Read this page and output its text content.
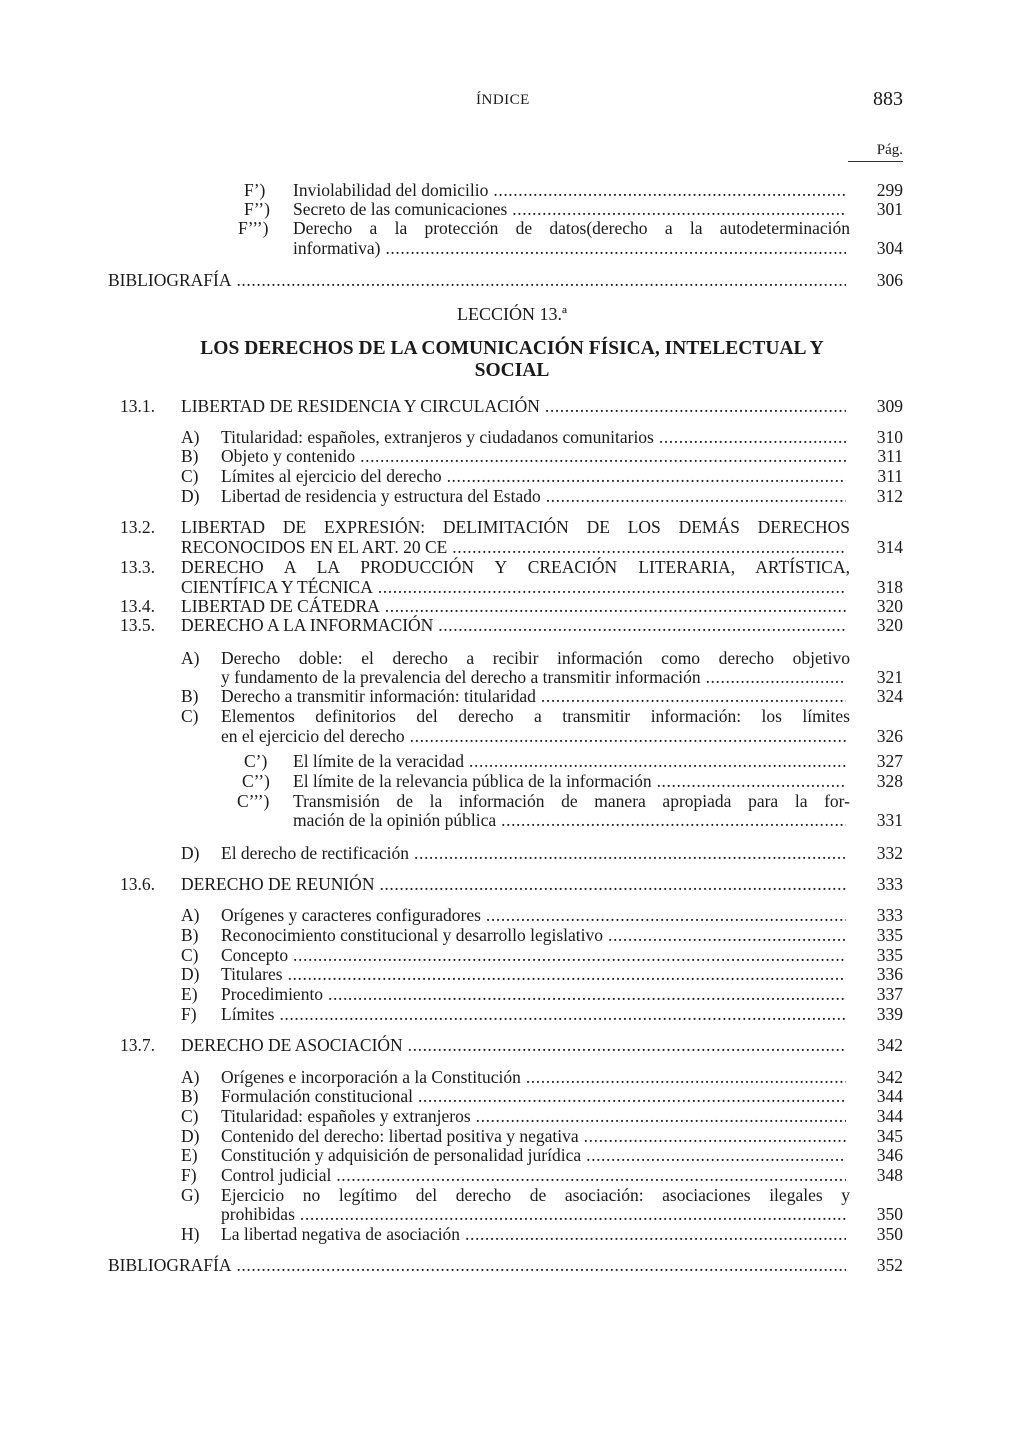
ÍNDICE	883
Pág.
LECCIÓN 13.ª
LOS DERECHOS DE LA COMUNICACIÓN FÍSICA, INTELECTUAL Y
SOCIAL
F’) Inviolabilidad del domicilio .....	299
F’’) Secreto de las comunicaciones .....	301
F’’’) Derecho a la protección de datos(derecho a la autodeterminación
informativa) .....	304
BIBLIOGRAFÍA .....	306
13.1. LIBERTAD DE RESIDENCIA Y CIRCULACIÓN .....	309
A) Titularidad: españoles, extranjeros y ciudadanos comunitarios .....	310
B) Objeto y contenido .....	311
C) Límites al ejercicio del derecho .....	311
D) Libertad de residencia y estructura del Estado .....	312
13.2. LIBERTAD DE EXPRESIÓN: DELIMITACIÓN DE LOS DEMÁS DERECHOS
RECONOCIDOS EN EL ART. 20 CE .....	314
13.3. DERECHO A LA PRODUCCIÓN Y CREACIÓN LITERARIA, ARTÍSTICA,
CIENTÍFICA Y TÉCNICA .....	318
13.4. LIBERTAD DE CÁTEDRA .....	320
13.5. DERECHO A LA INFORMACIÓN .....	320
A) Derecho doble: el derecho a recibir información como derecho objetivo
y fundamento de la prevalencia del derecho a transmitir información .....	321
B) Derecho a transmitir información: titularidad .....	324
C) Elementos definitorios del derecho a transmitir información: los límites
en el ejercicio del derecho .....	326
C’) El límite de la veracidad .....	327
C’’) El límite de la relevancia pública de la información .....	328
C’’’) Transmisión de la información de manera apropiada para la for-
mación de la opinión pública .....	331
D) El derecho de rectificación .....	332
13.6. DERECHO DE REUNIÓN .....	333
A) Orígenes y caracteres configuradores .....	333
B) Reconocimiento constitucional y desarrollo legislativo .....	335
C) Concepto .....	335
D) Titulares .....	336
E) Procedimiento .....	337
F) Límites .....	339
13.7. DERECHO DE ASOCIACIÓN .....	342
A) Orígenes e incorporación a la Constitución .....	342
B) Formulación constitucional .....	344
C) Titularidad: españoles y extranjeros .....	344
D) Contenido del derecho: libertad positiva y negativa .....	345
E) Constitución y adquisición de personalidad jurídica .....	346
F) Control judicial .....	348
G) Ejercicio no legítimo del derecho de asociación: asociaciones ilegales y
prohibidas .....	350
H) La libertad negativa de asociación .....	350
BIBLIOGRAFÍA .....	352
